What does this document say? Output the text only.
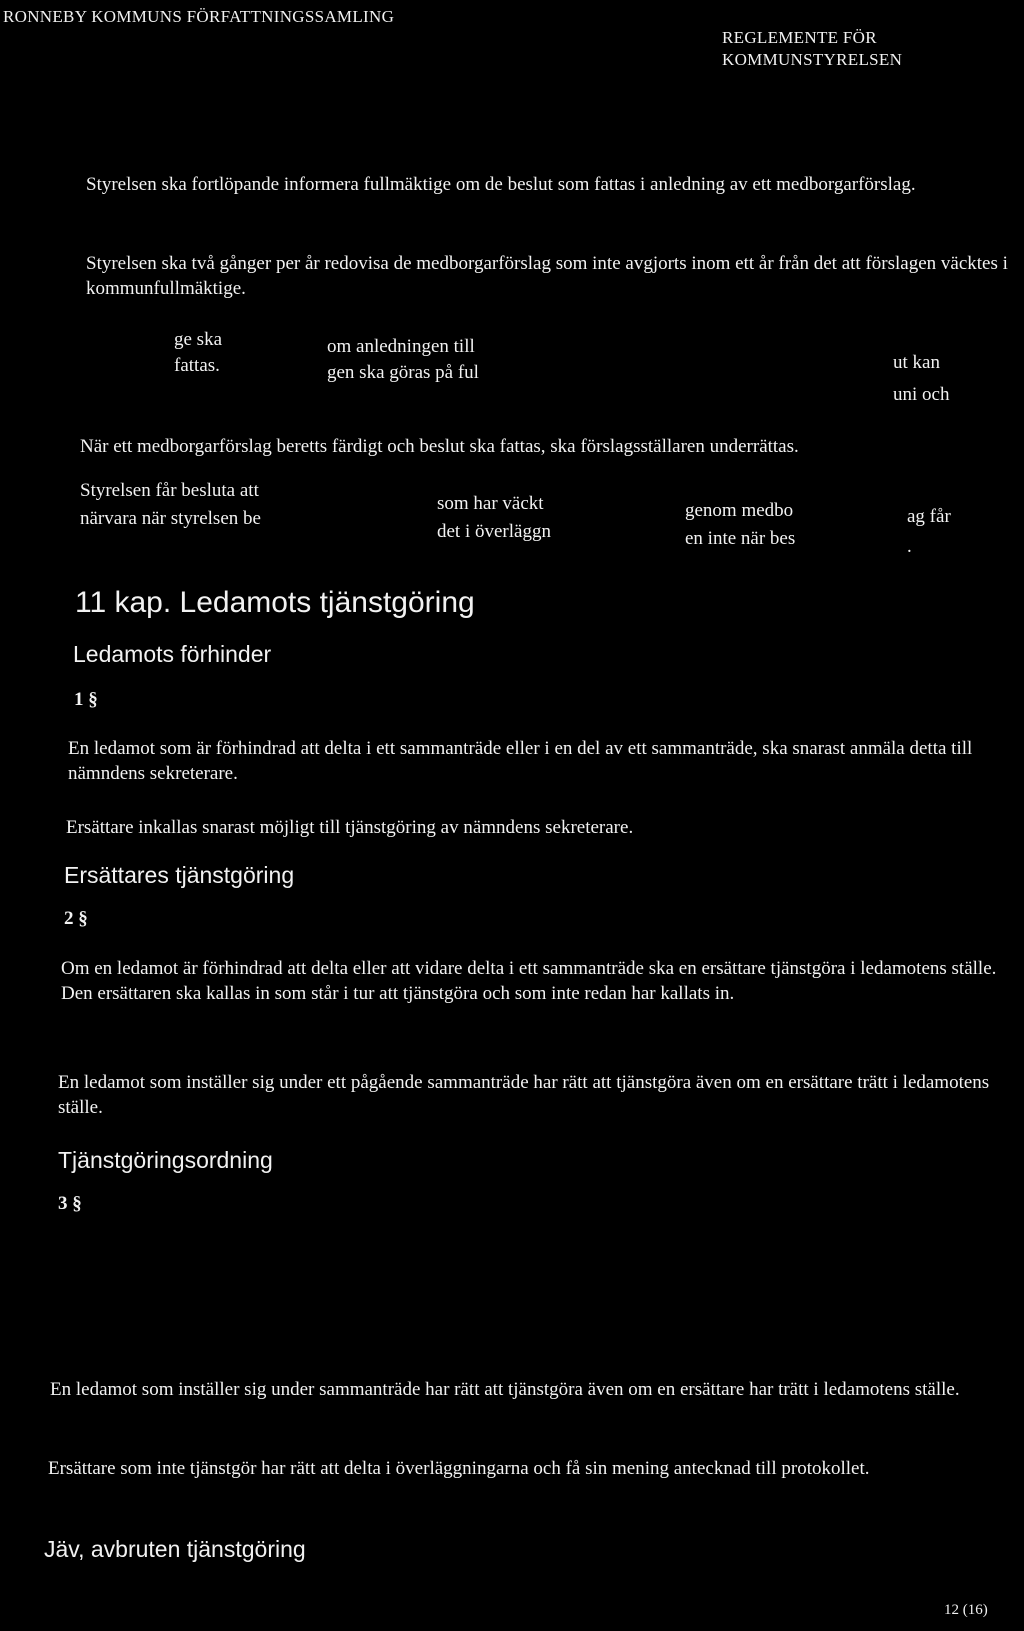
RONNEBY KOMMUNS FÖRFATTNINGSSAMLING
REGLEMENTE FÖR
KOMMUNSTYRELSEN
Styrelsen ska fortlöpande informera fullmäktige om de beslut som fattas i anledning av ett medborgarförslag.
Styrelsen ska två gånger per år redovisa de medborgarförslag som inte avgjorts inom ett år från det att förslagen väcktes i kommunfullmäktige.
ge ska
fattas.
om anledningen till
gen ska göras på ful	ut kan
uni och
När ett medborgarförslag beretts färdigt och beslut ska fattas, ska förslagsställaren underrättas.
Styrelsen får besluta att
närvara när styrelsen be
som har väckt
det i överläggn
genom medbo
en inte när bes
ag får
.
11 kap. Ledamots tjänstgöring
Ledamots förhinder
1 §
En ledamot som är förhindrad att delta i ett sammanträde eller i en del av ett sammanträde, ska snarast anmäla detta till nämndens sekreterare.
Ersättare inkallas snarast möjligt till tjänstgöring av nämndens sekreterare.
Ersättares tjänstgöring
2 §
Om en ledamot är förhindrad att delta eller att vidare delta i ett sammanträde ska en ersättare tjänstgöra i ledamotens ställe. Den ersättaren ska kallas in som står i tur att tjänstgöra och som inte redan har kallats in.
En ledamot som inställer sig under ett pågående sammanträde har rätt att tjänstgöra även om en ersättare trätt i ledamotens ställe.
Tjänstgöringsordning
3 §
En ledamot som inställer sig under sammanträde har rätt att tjänstgöra även om en ersättare har trätt i ledamotens ställe.
Ersättare som inte tjänstgör har rätt att delta i överläggningarna och få sin mening antecknad till protokollet.
Jäv, avbruten tjänstgöring
12 (16)
